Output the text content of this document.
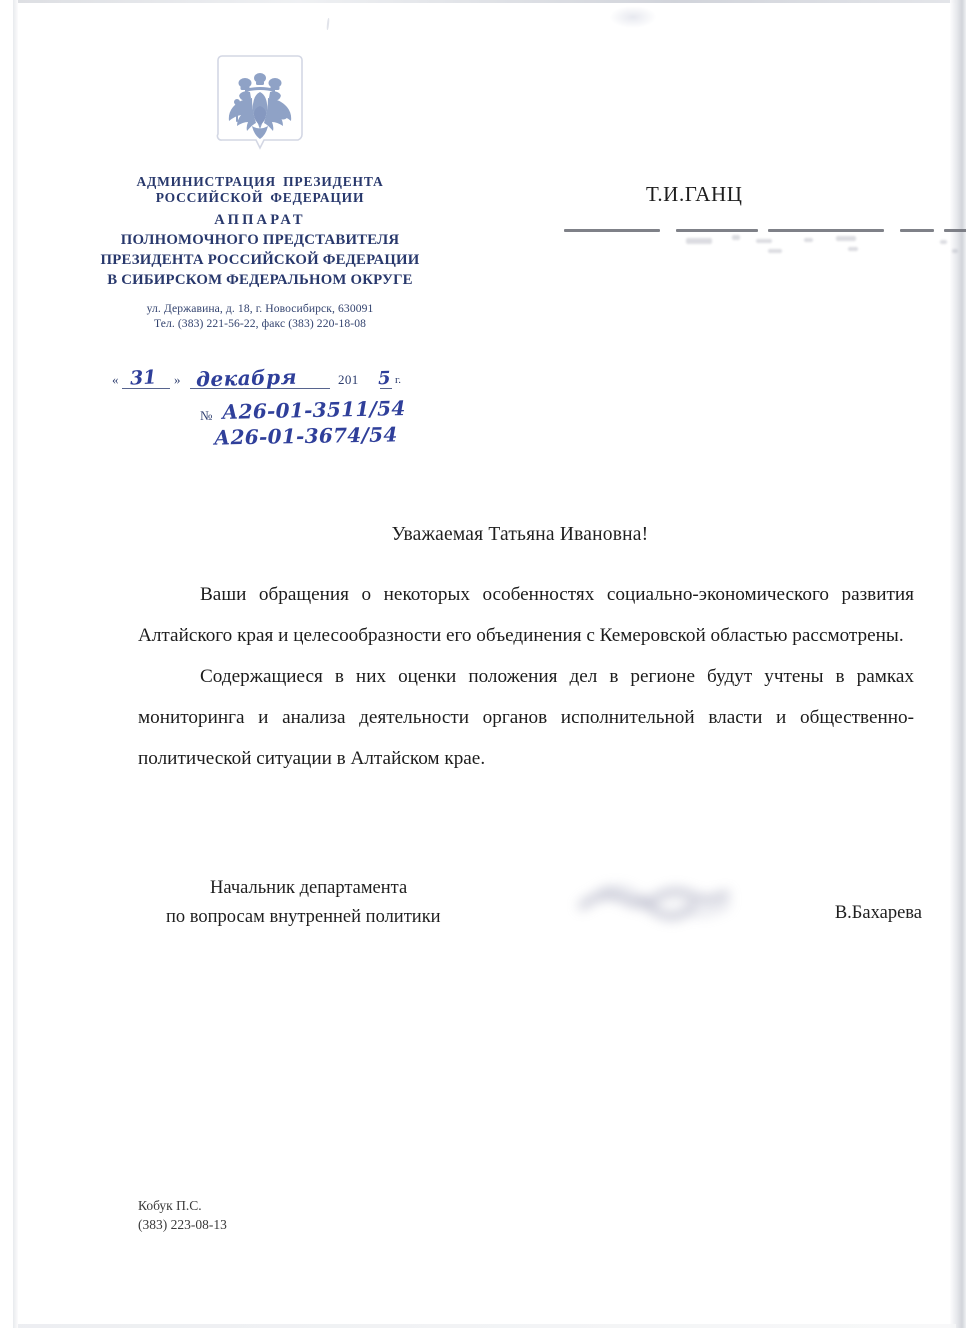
АДМИНИСТРАЦИЯ ПРЕЗИДЕНТА
РОССИЙСКОЙ ФЕДЕРАЦИИ
АППАРАТ
ПОЛНОМОЧНОГО ПРЕДСТАВИТЕЛЯ
ПРЕЗИДЕНТА РОССИЙСКОЙ ФЕДЕРАЦИИ
В СИБИРСКОМ ФЕДЕРАЛЬНОМ ОКРУГЕ
ул. Державина, д. 18, г. Новосибирск, 630091
Тел. (383) 221-56-22, факс (383) 220-18-08
«	»	201	г.
31 декабря	5
№ А26-01-3511/54
А26-01-3674/54
Т.И.ГАНЦ
Уважаемая Татьяна Ивановна!

Ваши обращения о некоторых особенностях социально-экономического развития Алтайского края и целесообразности его объединения с Кемеровской областью рассмотрены.

Содержащиеся в них оценки положения дел в регионе будут учтены в рамках мониторинга и анализа деятельности органов исполнительной власти и общественно-политической ситуации в Алтайском крае.

Начальник департамента
по вопросам внутренней политики	В.Бахарева
Кобук П.С.
(383) 223-08-13
